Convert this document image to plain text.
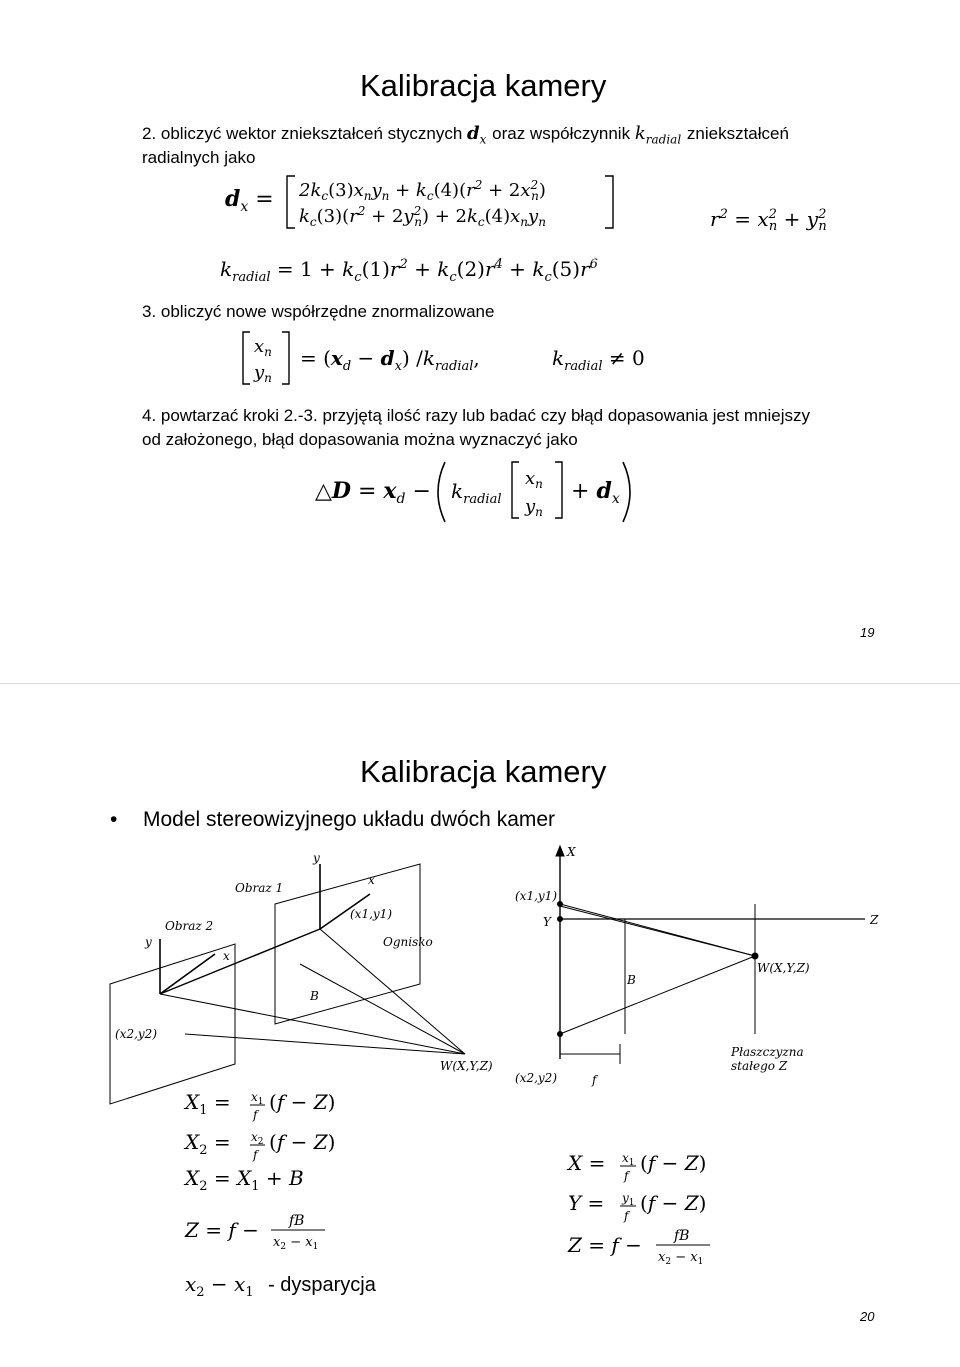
Kalibracja kamery
2. obliczyć wektor zniekształceń stycznych $d_x$ oraz współczynnik $k_{radial}$ zniekształceń
radialnych jako
$d_x = 2k_c(3)x_ny_n + k_c(4)(r^2 + 2x^2$ n)
$k_c(3)(r^2 + 2y^2$ $n) + 2k_c(4)x_ny_n$	$r^2 = x^2$ $n + y^2$ n
$k_{radial} = 1 + k_c(1)r^2 + k_c(2)r^4 + k_c(5)r^6$
3. obliczyć nowe współrzędne znormalizowane
$x_n$
$y_n$
= $(x_d - d_x)$ $/k_{radial}$,	$k_{radial} \ne 0$
4. powtarzać kroki 2.-3. przyjętą ilość razy lub badać czy błąd dopasowania jest mniejszy
od założonego, błąd dopasowania można wyznaczyć jako
△D = $x_d - k_{radial}$
$x_n$
$y_n$
+ $d_x$
19
Kalibracja kamery
• Model stereowizyjnego układu dwóch kamer
Obraz 1
Obraz 2
y
x
y
x
(x1,y1)
Ognisko
B
(x2,y2)
W(X,Y,Z)
X
(x1,y1)
Y	Z
W(X,Y,Z)
B
(x2,y2)	f
Płaszczyzna
stałego Z
$X_1 = x_1$
f
(f − Z)
$X_2 = x_2$
f
(f − Z)
$X_2 = X_1 + B$
Z = f − fB
$x_2 - x_1$
$X = x_1$
f
(f − Z)
$Y = y_1$
f
(f − Z)
Z = f − fB
$x_2 - x_1$
$x_2 - x_1$ - dysparycja
20
